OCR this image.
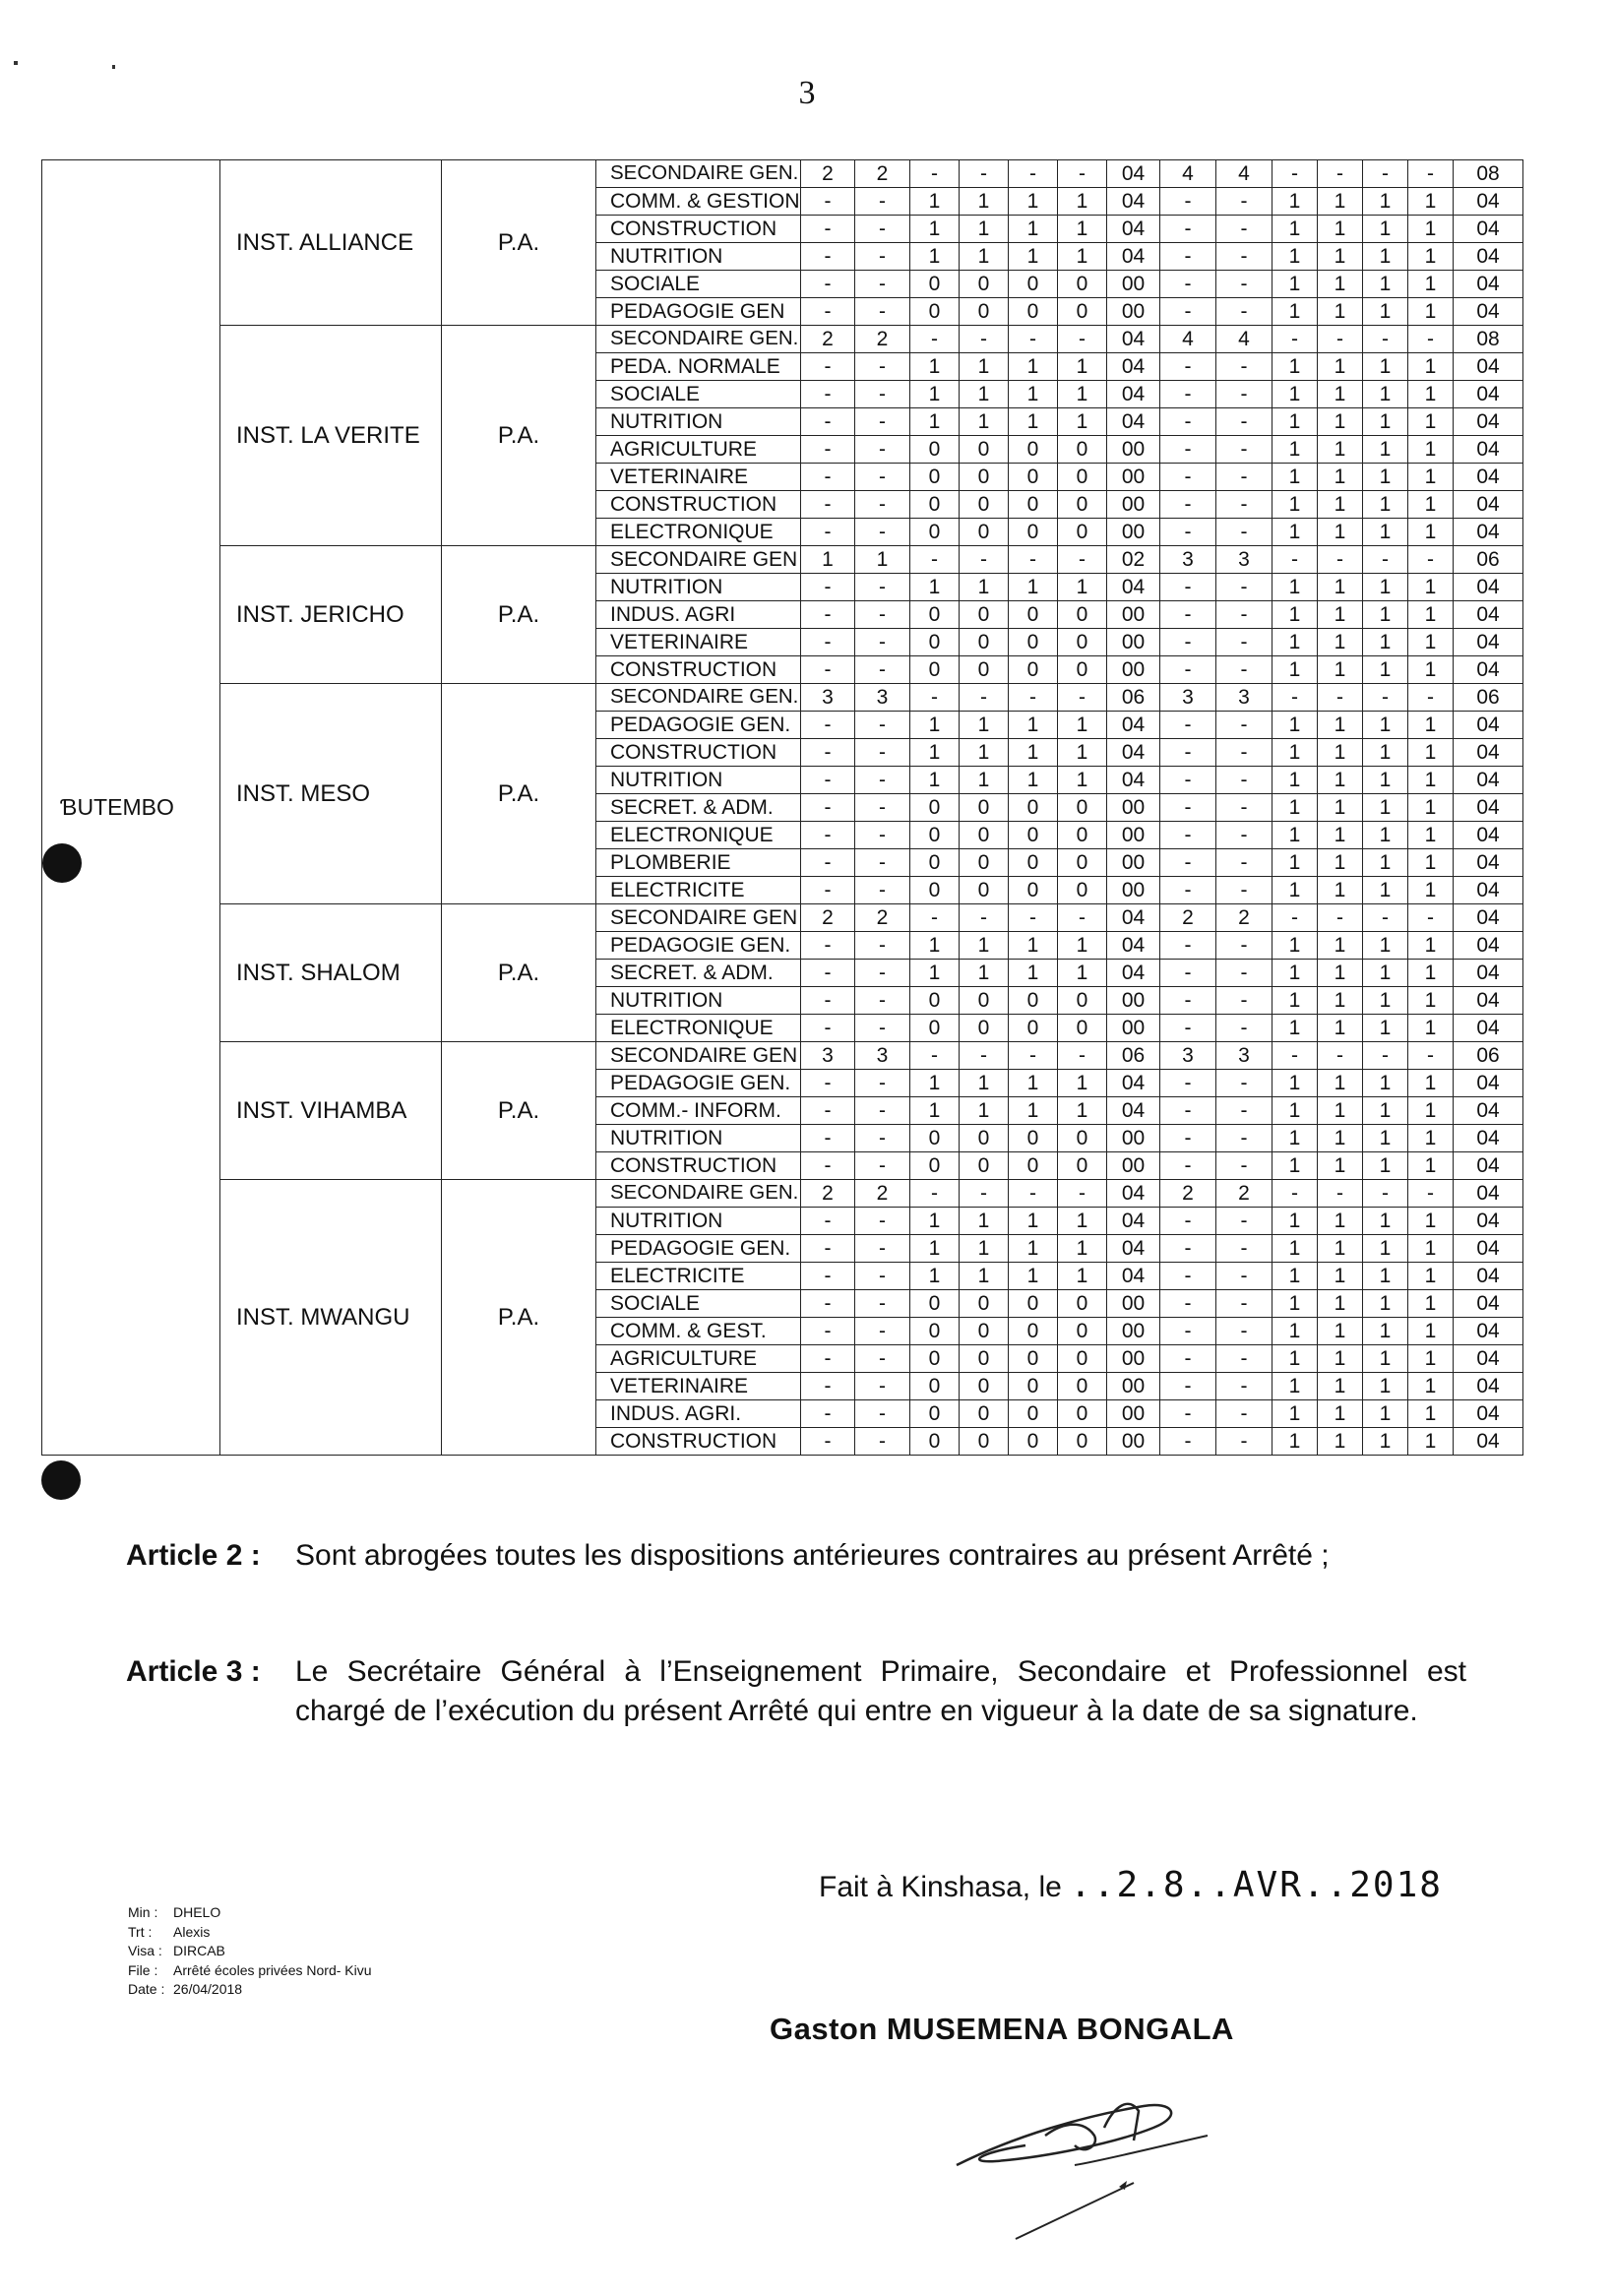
3
ƁUTEMBO	INST. ALLIANCE	P.A.	SECONDAIRE GEN.	2	2	-	-	-	-	04	4	4	-	-	-	-	08
			COMM. & GESTION	-	-	1	1	1	1	04	-	-	1	1	1	1	04
			CONSTRUCTION	-	-	1	1	1	1	04	-	-	1	1	1	1	04
			NUTRITION	-	-	1	1	1	1	04	-	-	1	1	1	1	04
			SOCIALE	-	-	0	0	0	0	00	-	-	1	1	1	1	04
			PEDAGOGIE GEN	-	-	0	0	0	0	00	-	-	1	1	1	1	04
	INST. LA VERITE	P.A.	SECONDAIRE GEN.	2	2	-	-	-	-	04	4	4	-	-	-	-	08
			PEDA. NORMALE	-	-	1	1	1	1	04	-	-	1	1	1	1	04
			SOCIALE	-	-	1	1	1	1	04	-	-	1	1	1	1	04
			NUTRITION	-	-	1	1	1	1	04	-	-	1	1	1	1	04
			AGRICULTURE	-	-	0	0	0	0	00	-	-	1	1	1	1	04
			VETERINAIRE	-	-	0	0	0	0	00	-	-	1	1	1	1	04
			CONSTRUCTION	-	-	0	0	0	0	00	-	-	1	1	1	1	04
			ELECTRONIQUE	-	-	0	0	0	0	00	-	-	1	1	1	1	04
	INST. JERICHO	P.A.	SECONDAIRE GEN	1	1	-	-	-	-	02	3	3	-	-	-	-	06
			NUTRITION	-	-	1	1	1	1	04	-	-	1	1	1	1	04
			INDUS. AGRI	-	-	0	0	0	0	00	-	-	1	1	1	1	04
			VETERINAIRE	-	-	0	0	0	0	00	-	-	1	1	1	1	04
			CONSTRUCTION	-	-	0	0	0	0	00	-	-	1	1	1	1	04
	INST. MESO	P.A.	SECONDAIRE GEN.	3	3	-	-	-	-	06	3	3	-	-	-	-	06
			PEDAGOGIE GEN.	-	-	1	1	1	1	04	-	-	1	1	1	1	04
			CONSTRUCTION	-	-	1	1	1	1	04	-	-	1	1	1	1	04
			NUTRITION	-	-	1	1	1	1	04	-	-	1	1	1	1	04
			SECRET. & ADM.	-	-	0	0	0	0	00	-	-	1	1	1	1	04
			ELECTRONIQUE	-	-	0	0	0	0	00	-	-	1	1	1	1	04
			PLOMBERIE	-	-	0	0	0	0	00	-	-	1	1	1	1	04
			ELECTRICITE	-	-	0	0	0	0	00	-	-	1	1	1	1	04
	INST. SHALOM	P.A.	SECONDAIRE GEN	2	2	-	-	-	-	04	2	2	-	-	-	-	04
			PEDAGOGIE GEN.	-	-	1	1	1	1	04	-	-	1	1	1	1	04
			SECRET. & ADM.	-	-	1	1	1	1	04	-	-	1	1	1	1	04
			NUTRITION	-	-	0	0	0	0	00	-	-	1	1	1	1	04
			ELECTRONIQUE	-	-	0	0	0	0	00	-	-	1	1	1	1	04
	INST. VIHAMBA	P.A.	SECONDAIRE GEN	3	3	-	-	-	-	06	3	3	-	-	-	-	06
			PEDAGOGIE GEN.	-	-	1	1	1	1	04	-	-	1	1	1	1	04
			COMM.- INFORM.	-	-	1	1	1	1	04	-	-	1	1	1	1	04
			NUTRITION	-	-	0	0	0	0	00	-	-	1	1	1	1	04
			CONSTRUCTION	-	-	0	0	0	0	00	-	-	1	1	1	1	04
	INST. MWANGU	P.A.	SECONDAIRE GEN.	2	2	-	-	-	-	04	2	2	-	-	-	-	04
			NUTRITION	-	-	1	1	1	1	04	-	-	1	1	1	1	04
			PEDAGOGIE GEN.	-	-	1	1	1	1	04	-	-	1	1	1	1	04
			ELECTRICITE	-	-	1	1	1	1	04	-	-	1	1	1	1	04
			SOCIALE	-	-	0	0	0	0	00	-	-	1	1	1	1	04
			COMM. & GEST.	-	-	0	0	0	0	00	-	-	1	1	1	1	04
			AGRICULTURE	-	-	0	0	0	0	00	-	-	1	1	1	1	04
			VETERINAIRE	-	-	0	0	0	0	00	-	-	1	1	1	1	04
			INDUS. AGRI.	-	-	0	0	0	0	00	-	-	1	1	1	1	04
			CONSTRUCTION	-	-	0	0	0	0	00	-	-	1	1	1	1	04
Article 2 : Sont abrogées toutes les dispositions antérieures contraires au présent Arrêté ;
Article 3 : Le Secrétaire Général à l’Enseignement Primaire, Secondaire et Professionnel est chargé de l’exécution du présent Arrêté qui entre en vigueur à la date de sa signature.
Fait à Kinshasa, le ..2.8..AVR..2018
Min : DHELO
Trt : Alexis
Visa : DIRCAB
File : Arrêté écoles privées Nord- Kivu
Date : 26/04/2018
Gaston MUSEMENA BONGALA
